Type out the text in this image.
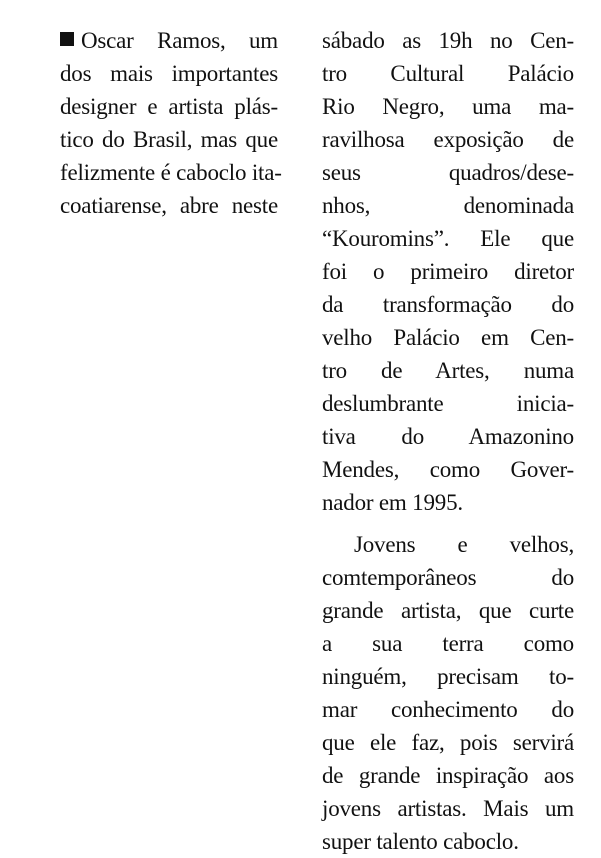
Oscar Ramos, um
dos mais importantes
designer e artista plás-
tico do Brasil, mas que
felizmente é caboclo ita-
coatiarense, abre neste
sábado as 19h no Cen-
tro Cultural Palácio
Rio Negro, uma ma-
ravilhosa exposição de
seus quadros/dese-
nhos, denominada
“Kouromins”. Ele que
foi o primeiro diretor
da transformação do
velho Palácio em Cen-
tro de Artes, numa
deslumbrante inicia-
tiva do Amazonino
Mendes, como Gover-
nador em 1995.
Jovens e velhos,
comtemporâneos do
grande artista, que curte
a sua terra como
ninguém, precisam to-
mar conhecimento do
que ele faz, pois servirá
de grande inspiração aos
jovens artistas. Mais um
super talento caboclo.
